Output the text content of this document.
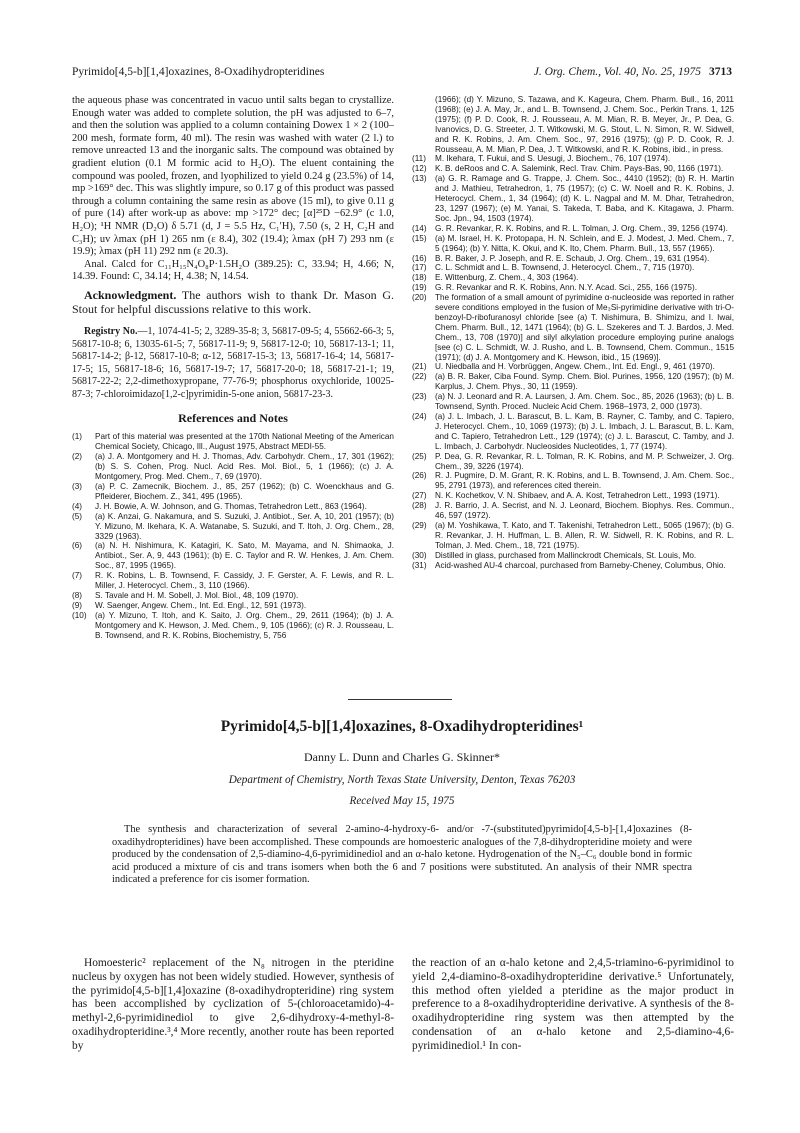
Pyrimido[4,5-b][1,4]oxazines, 8-Oxadihydropteridines	J. Org. Chem., Vol. 40, No. 25, 1975 3713

the aqueous phase was concentrated in vacuo until salts began to crystallize. Enough water was added to complete solution, the pH was adjusted to 6–7, and then the solution was applied to a column containing Dowex 1 × 2 (100–200 mesh, formate form, 40 ml). The resin was washed with water (2 l.) to remove unreacted 13 and the inorganic salts. The compound was obtained by gradient elution (0.1 M formic acid to H₂O). The eluent containing the compound was pooled, frozen, and lyophilized to yield 0.24 g (23.5%) of 14, mp >169° dec. This was slightly impure, so 0.17 g of this product was passed through a column containing the same resin as above (15 ml), to give 0.11 g of pure (14) after work-up as above: mp >172° dec; [α]²⁵D −62.9° (c 1.0, H₂O); ¹H NMR (D₂O) δ 5.71 (d, J = 5.5 Hz, C₁′H), 7.50 (s, 2 H, C₂H and C₃H); uv λmax (pH 1) 265 nm (ε 8.4), 302 (19.4); λmax (pH 7) 293 nm (ε 19.9); λmax (pH 11) 292 nm (ε 20.3).

Anal. Calcd for C₁₁H₁₅N₄O₈P·1.5H₂O (389.25): C, 33.94; H, 4.66; N, 14.39. Found: C, 34.14; H, 4.38; N, 14.54.

Acknowledgment. The authors wish to thank Dr. Mason G. Stout for helpful discussions relative to this work.

Registry No.—1, 1074-41-5; 2, 3289-35-8; 3, 56817-09-5; 4, 55662-66-3; 5, 56817-10-8; 6, 13035-61-5; 7, 56817-11-9; 9, 56817-12-0; 10, 56817-13-1; 11, 56817-14-2; β-12, 56817-10-8; α-12, 56817-15-3; 13, 56817-16-4; 14, 56817-17-5; 15, 56817-18-6; 16, 56817-19-7; 17, 56817-20-0; 18, 56817-21-1; 19, 56817-22-2; 2,2-dimethoxypropane, 77-76-9; phosphorus oxychloride, 10025-87-3; 7-chloroimidazo[1,2-c]pyrimidin-5-one anion, 56817-23-3.

References and Notes
(1) Part of this material was presented at the 170th National Meeting of the American Chemical Society, Chicago, Ill., August 1975, Abstract MEDI-55.
(2) (a) J. A. Montgomery and H. J. Thomas, Adv. Carbohydr. Chem., 17, 301 (1962); (b) S. S. Cohen, Prog. Nucl. Acid Res. Mol. Biol., 5, 1 (1966); (c) J. A. Montgomery, Prog. Med. Chem., 7, 69 (1970).
(3) (a) P. C. Zamecnik, Biochem. J., 85, 257 (1962); (b) C. Woenckhaus and G. Pfleiderer, Biochem. Z., 341, 495 (1965).
(4) J. H. Bowie, A. W. Johnson, and G. Thomas, Tetrahedron Lett., 863 (1964).
(5) (a) K. Anzai, G. Nakamura, and S. Suzuki, J. Antibiot., Ser. A, 10, 201 (1957); (b) Y. Mizuno, M. Ikehara, K. A. Watanabe, S. Suzuki, and T. Itoh, J. Org. Chem., 28, 3329 (1963).
(6) (a) N. H. Nishimura, K. Katagiri, K. Sato, M. Mayama, and N. Shimaoka, J. Antibiot., Ser. A, 9, 443 (1961); (b) E. C. Taylor and R. W. Henkes, J. Am. Chem. Soc., 87, 1995 (1965).
(7) R. K. Robins, L. B. Townsend, F. Cassidy, J. F. Gerster, A. F. Lewis, and R. L. Miller, J. Heterocycl. Chem., 3, 110 (1966).
(8) S. Tavale and H. M. Sobell, J. Mol. Biol., 48, 109 (1970).
(9) W. Saenger, Angew. Chem., Int. Ed. Engl., 12, 591 (1973).
(10) (a) Y. Mizuno, T. Itoh, and K. Saito, J. Org. Chem., 29, 2611 (1964); (b) J. A. Montgomery and K. Hewson, J. Med. Chem., 9, 105 (1966); (c) R. J. Rousseau, L. B. Townsend, and R. K. Robins, Biochemistry, 5, 756
(1966); (d) Y. Mizuno, S. Tazawa, and K. Kageura, Chem. Pharm. Bull., 16, 2011 (1968); (e) J. A. May, Jr., and L. B. Townsend, J. Chem. Soc., Perkin Trans. 1, 125 (1975); (f) P. D. Cook, R. J. Rousseau, A. M. Mian, R. B. Meyer, Jr., P. Dea, G. Ivanovics, D. G. Streeter, J. T. Witkowski, M. G. Stout, L. N. Simon, R. W. Sidwell, and R. K. Robins, J. Am. Chem. Soc., 97, 2916 (1975); (g) P. D. Cook, R. J. Rousseau, A. M. Mian, P. Dea, J. T. Witkowski, and R. K. Robins, ibid., in press.
(11) M. Ikehara, T. Fukui, and S. Uesugi, J. Biochem., 76, 107 (1974).
(12) K. B. deRoos and C. A. Salemink, Recl. Trav. Chim. Pays-Bas, 90, 1166 (1971).
(13) (a) G. R. Ramage and G. Trappe, J. Chem. Soc., 4410 (1952); (b) R. H. Martin and J. Mathieu, Tetrahedron, 1, 75 (1957); (c) C. W. Noell and R. K. Robins, J. Heterocycl. Chem., 1, 34 (1964); (d) K. L. Nagpal and M. M. Dhar, Tetrahedron, 23, 1297 (1967); (e) M. Yanai, S. Takeda, T. Baba, and K. Kitagawa, J. Pharm. Soc. Jpn., 94, 1503 (1974).
(14) G. R. Revankar, R. K. Robins, and R. L. Tolman, J. Org. Chem., 39, 1256 (1974).
(15) (a) M. Israel, H. K. Protopapa, H. N. Schlein, and E. J. Modest, J. Med. Chem., 7, 5 (1964); (b) Y. Nitta, K. Okui, and K. Ito, Chem. Pharm. Bull., 13, 557 (1965).
(16) B. R. Baker, J. P. Joseph, and R. E. Schaub, J. Org. Chem., 19, 631 (1954).
(17) C. L. Schmidt and L. B. Townsend, J. Heterocycl. Chem., 7, 715 (1970).
(18) E. Wittenburg, Z. Chem., 4, 303 (1964).
(19) G. R. Revankar and R. K. Robins, Ann. N.Y. Acad. Sci., 255, 166 (1975).
(20) The formation of a small amount of pyrimidine α-nucleoside was reported in rather severe conditions employed in the fusion of Me₃Si-pyrimidine derivative with tri-O-benzoyl-D-ribofuranosyl chloride [see (a) T. Nishimura, B. Shimizu, and I. Iwai, Chem. Pharm. Bull., 12, 1471 (1964); (b) G. L. Szekeres and T. J. Bardos, J. Med. Chem., 13, 708 (1970)] and silyl alkylation procedure employing purine analogs [see (c) C. L. Schmidt, W. J. Rusho, and L. B. Townsend, Chem. Commun., 1515 (1971); (d) J. A. Montgomery and K. Hewson, ibid., 15 (1969)].
(21) U. Niedballa and H. Vorbrüggen, Angew. Chem., Int. Ed. Engl., 9, 461 (1970).
(22) (a) B. R. Baker, Ciba Found. Symp. Chem. Biol. Purines, 1956, 120 (1957); (b) M. Karplus, J. Chem. Phys., 30, 11 (1959).
(23) (a) N. J. Leonard and R. A. Laursen, J. Am. Chem. Soc., 85, 2026 (1963); (b) L. B. Townsend, Synth. Proced. Nucleic Acid Chem. 1968–1973, 2, 000 (1973).
(24) (a) J. L. Imbach, J. L. Barascut, B. L. Kam, B. Rayner, C. Tamby, and C. Tapiero, J. Heterocycl. Chem., 10, 1069 (1973); (b) J. L. Imbach, J. L. Barascut, B. L. Kam, and C. Tapiero, Tetrahedron Lett., 129 (1974); (c) J. L. Barascut, C. Tamby, and J. L. Imbach, J. Carbohydr. Nucleosides Nucleotides, 1, 77 (1974).
(25) P. Dea, G. R. Revankar, R. L. Tolman, R. K. Robins, and M. P. Schweizer, J. Org. Chem., 39, 3226 (1974).
(26) R. J. Pugmire, D. M. Grant, R. K. Robins, and L. B. Townsend, J. Am. Chem. Soc., 95, 2791 (1973), and references cited therein.
(27) N. K. Kochetkov, V. N. Shibaev, and A. A. Kost, Tetrahedron Lett., 1993 (1971).
(28) J. R. Barrio, J. A. Secrist, and N. J. Leonard, Biochem. Biophys. Res. Commun., 46, 597 (1972).
(29) (a) M. Yoshikawa, T. Kato, and T. Takenishi, Tetrahedron Lett., 5065 (1967); (b) G. R. Revankar, J. H. Huffman, L. B. Allen, R. W. Sidwell, R. K. Robins, and R. L. Tolman, J. Med. Chem., 18, 721 (1975).
(30) Distilled in glass, purchased from Mallinckrodt Chemicals, St. Louis, Mo.
(31) Acid-washed AU-4 charcoal, purchased from Barneby-Cheney, Columbus, Ohio.
Pyrimido[4,5-b][1,4]oxazines, 8-Oxadihydropteridines¹
Danny L. Dunn and Charles G. Skinner*
Department of Chemistry, North Texas State University, Denton, Texas 76203
Received May 15, 1975
The synthesis and characterization of several 2-amino-4-hydroxy-6- and/or -7-(substituted)pyrimido[4,5-b]-[1,4]oxazines (8-oxadihydropteridines) have been accomplished. These compounds are homoesteric analogues of the 7,8-dihydropteridine moiety and were produced by the condensation of 2,5-diamino-4,6-pyrimidinediol and an α-halo ketone. Hydrogenation of the N₅–C₆ double bond in formic acid produced a mixture of cis and trans isomers when both the 6 and 7 positions were substituted. An analysis of their NMR spectra indicated a preference for cis isomer formation.
Homoesteric² replacement of the N₈ nitrogen in the pteridine nucleus by oxygen has not been widely studied. However, synthesis of the pyrimido[4,5-b][1,4]oxazine (8-oxadihydropteridine) ring system has been accomplished by cyclization of 5-(chloroacetamido)-4-methyl-2,6-pyrimidinediol to give 2,6-dihydroxy-4-methyl-8-oxadihydropteridine.³,⁴ More recently, another route has been reported by
the reaction of an α-halo ketone and 2,4,5-triamino-6-pyrimidinol to yield 2,4-diamino-8-oxadihydropteridine derivative.⁵ Unfortunately, this method often yielded a pteridine as the major product in preference to a 8-oxadihydropteridine derivative. A synthesis of the 8-oxadihydropteridine ring system was then attempted by the condensation of an α-halo ketone and 2,5-diamino-4,6-pyrimidinediol.¹ In con-
